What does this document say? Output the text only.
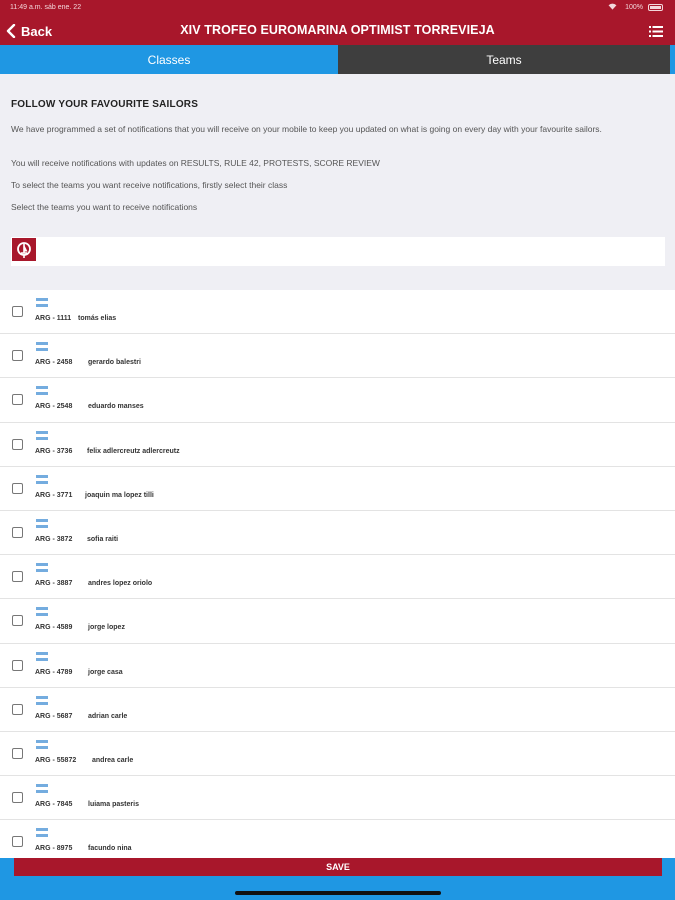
11:49 a.m. sáb ene. 22	100%
Back	XIV TROFEO EUROMARINA OPTIMIST TORREVIEJA
Classes	Teams
FOLLOW YOUR FAVOURITE SAILORS

We have programmed a set of notifications that you will receive on your mobile to keep you updated on what is going on every day with your favourite sailors.

You will receive notifications with updates on RESULTS, RULE 42, PROTESTS, SCORE REVIEW

To select the teams you want receive notifications, firstly select their class

Select the teams you want to receive notifications

ARG - 1111 tomás elias
ARG - 2458 gerardo balestri
ARG - 2548 eduardo manses
ARG - 3736 felix adlercreutz adlercreutz
ARG - 3771 joaquin ma lopez tilli
ARG - 3872 sofia raiti
ARG - 3887 andres lopez oriolo
ARG - 4589 jorge lopez
ARG - 4789 jorge casa
ARG - 5687 adrian carle
ARG - 55872 andrea carle
ARG - 7845 luiama pasteris
ARG - 8975 facundo nina
SAVE
